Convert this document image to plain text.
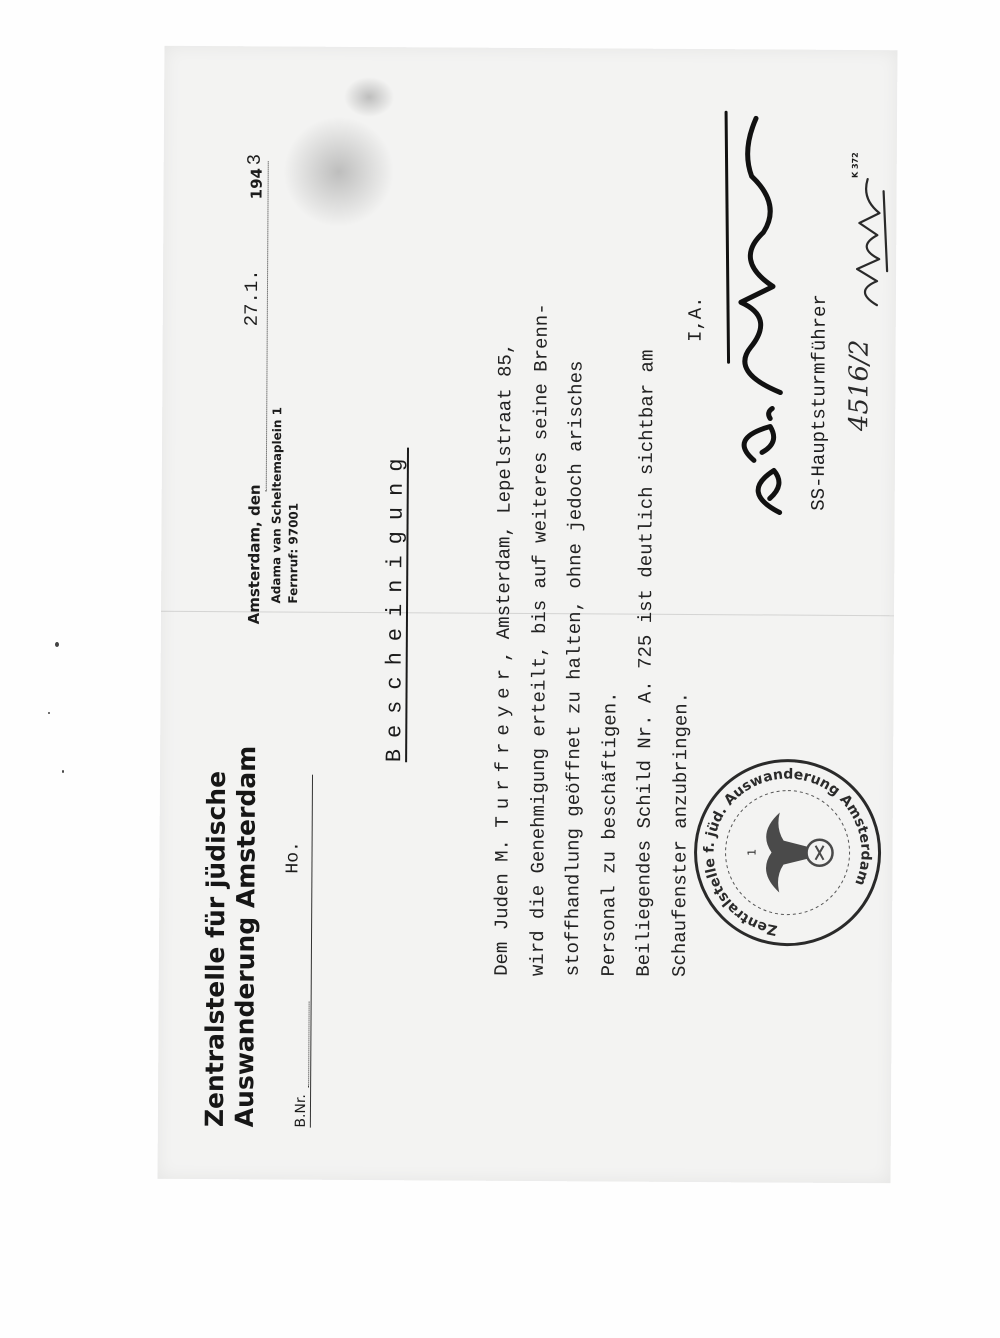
Zentralstelle für jüdische
Auswanderung Amsterdam B.Nr.
Ho.
Amsterdam, den
27.1.
194
3
Adama van Scheltemaplein 1 Fernruf: 97001	Bescheinigung
Dem Juden M. Turfreyer, Amsterdam, Lepelstraat 85, wird die Genehmigung erteilt, bis auf weiteres seine Brenn- stoffhandlung geöffnet zu halten, ohne jedoch arisches Personal zu beschäftigen. Beiliegendes Schild Nr. A. 725 ist deutlich sichtbar am Schaufenster anzubringen.	Zentralstelle f. jüd. Auswanderung Amsterdam
1
I,A.	SS-Hauptsturmführer
K 372
4516/2
